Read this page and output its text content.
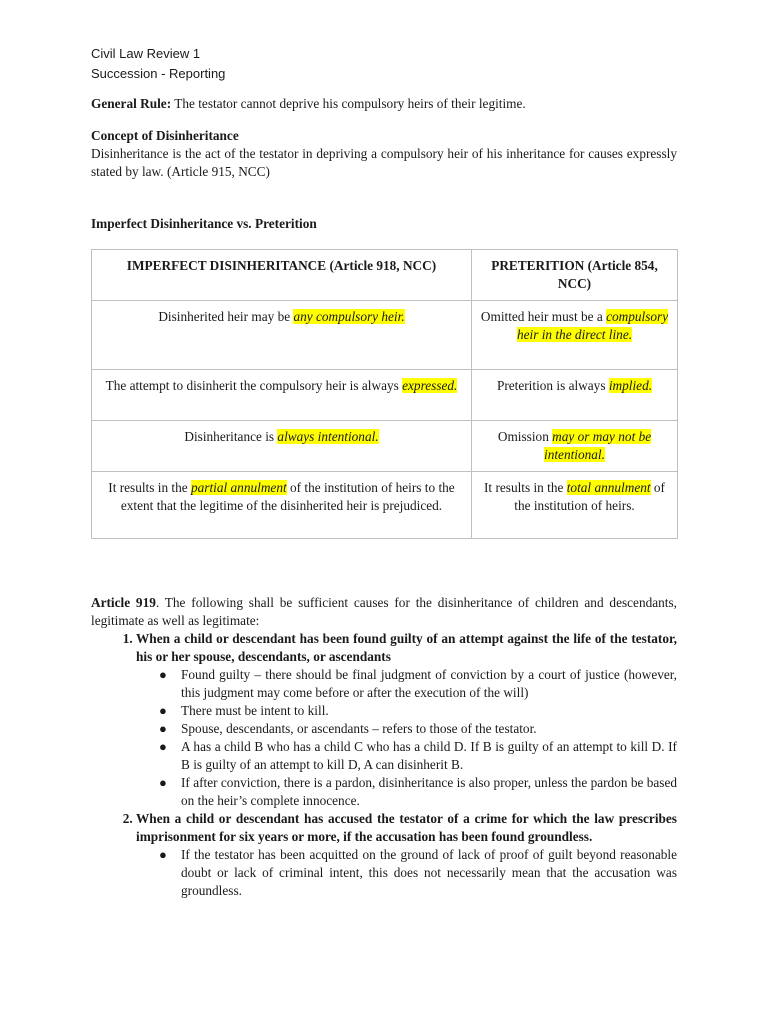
Civil Law Review 1
Succession - Reporting
General Rule: The testator cannot deprive his compulsory heirs of their legitime.
Concept of Disinheritance
Disinheritance is the act of the testator in depriving a compulsory heir of his inheritance for causes expressly stated by law. (Article 915, NCC)
Imperfect Disinheritance vs. Preterition
IMPERFECT DISINHERITANCE (Article 918, NCC)	PRETERITION (Article 854, NCC)
Disinherited heir may be any compulsory heir.	Omitted heir must be a compulsory heir in the direct line.
The attempt to disinherit the compulsory heir is always expressed.	Preterition is always implied.
Disinheritance is always intentional.	Omission may or may not be intentional.
It results in the partial annulment of the institution of heirs to the extent that the legitime of the disinherited heir is prejudiced.	It results in the total annulment of the institution of heirs.
Article 919. The following shall be sufficient causes for the disinheritance of children and descendants, legitimate as well as legitimate:
1. When a child or descendant has been found guilty of an attempt against the life of the testator, his or her spouse, descendants, or ascendants
● Found guilty – there should be final judgment of conviction by a court of justice (however, this judgment may come before or after the execution of the will)
● There must be intent to kill.
● Spouse, descendants, or ascendants – refers to those of the testator.
● A has a child B who has a child C who has a child D. If B is guilty of an attempt to kill D. If B is guilty of an attempt to kill D, A can disinherit B.
● If after conviction, there is a pardon, disinheritance is also proper, unless the pardon be based on the heir’s complete innocence.
2. When a child or descendant has accused the testator of a crime for which the law prescribes imprisonment for six years or more, if the accusation has been found groundless.
● If the testator has been acquitted on the ground of lack of proof of guilt beyond reasonable doubt or lack of criminal intent, this does not necessarily mean that the accusation was groundless.
